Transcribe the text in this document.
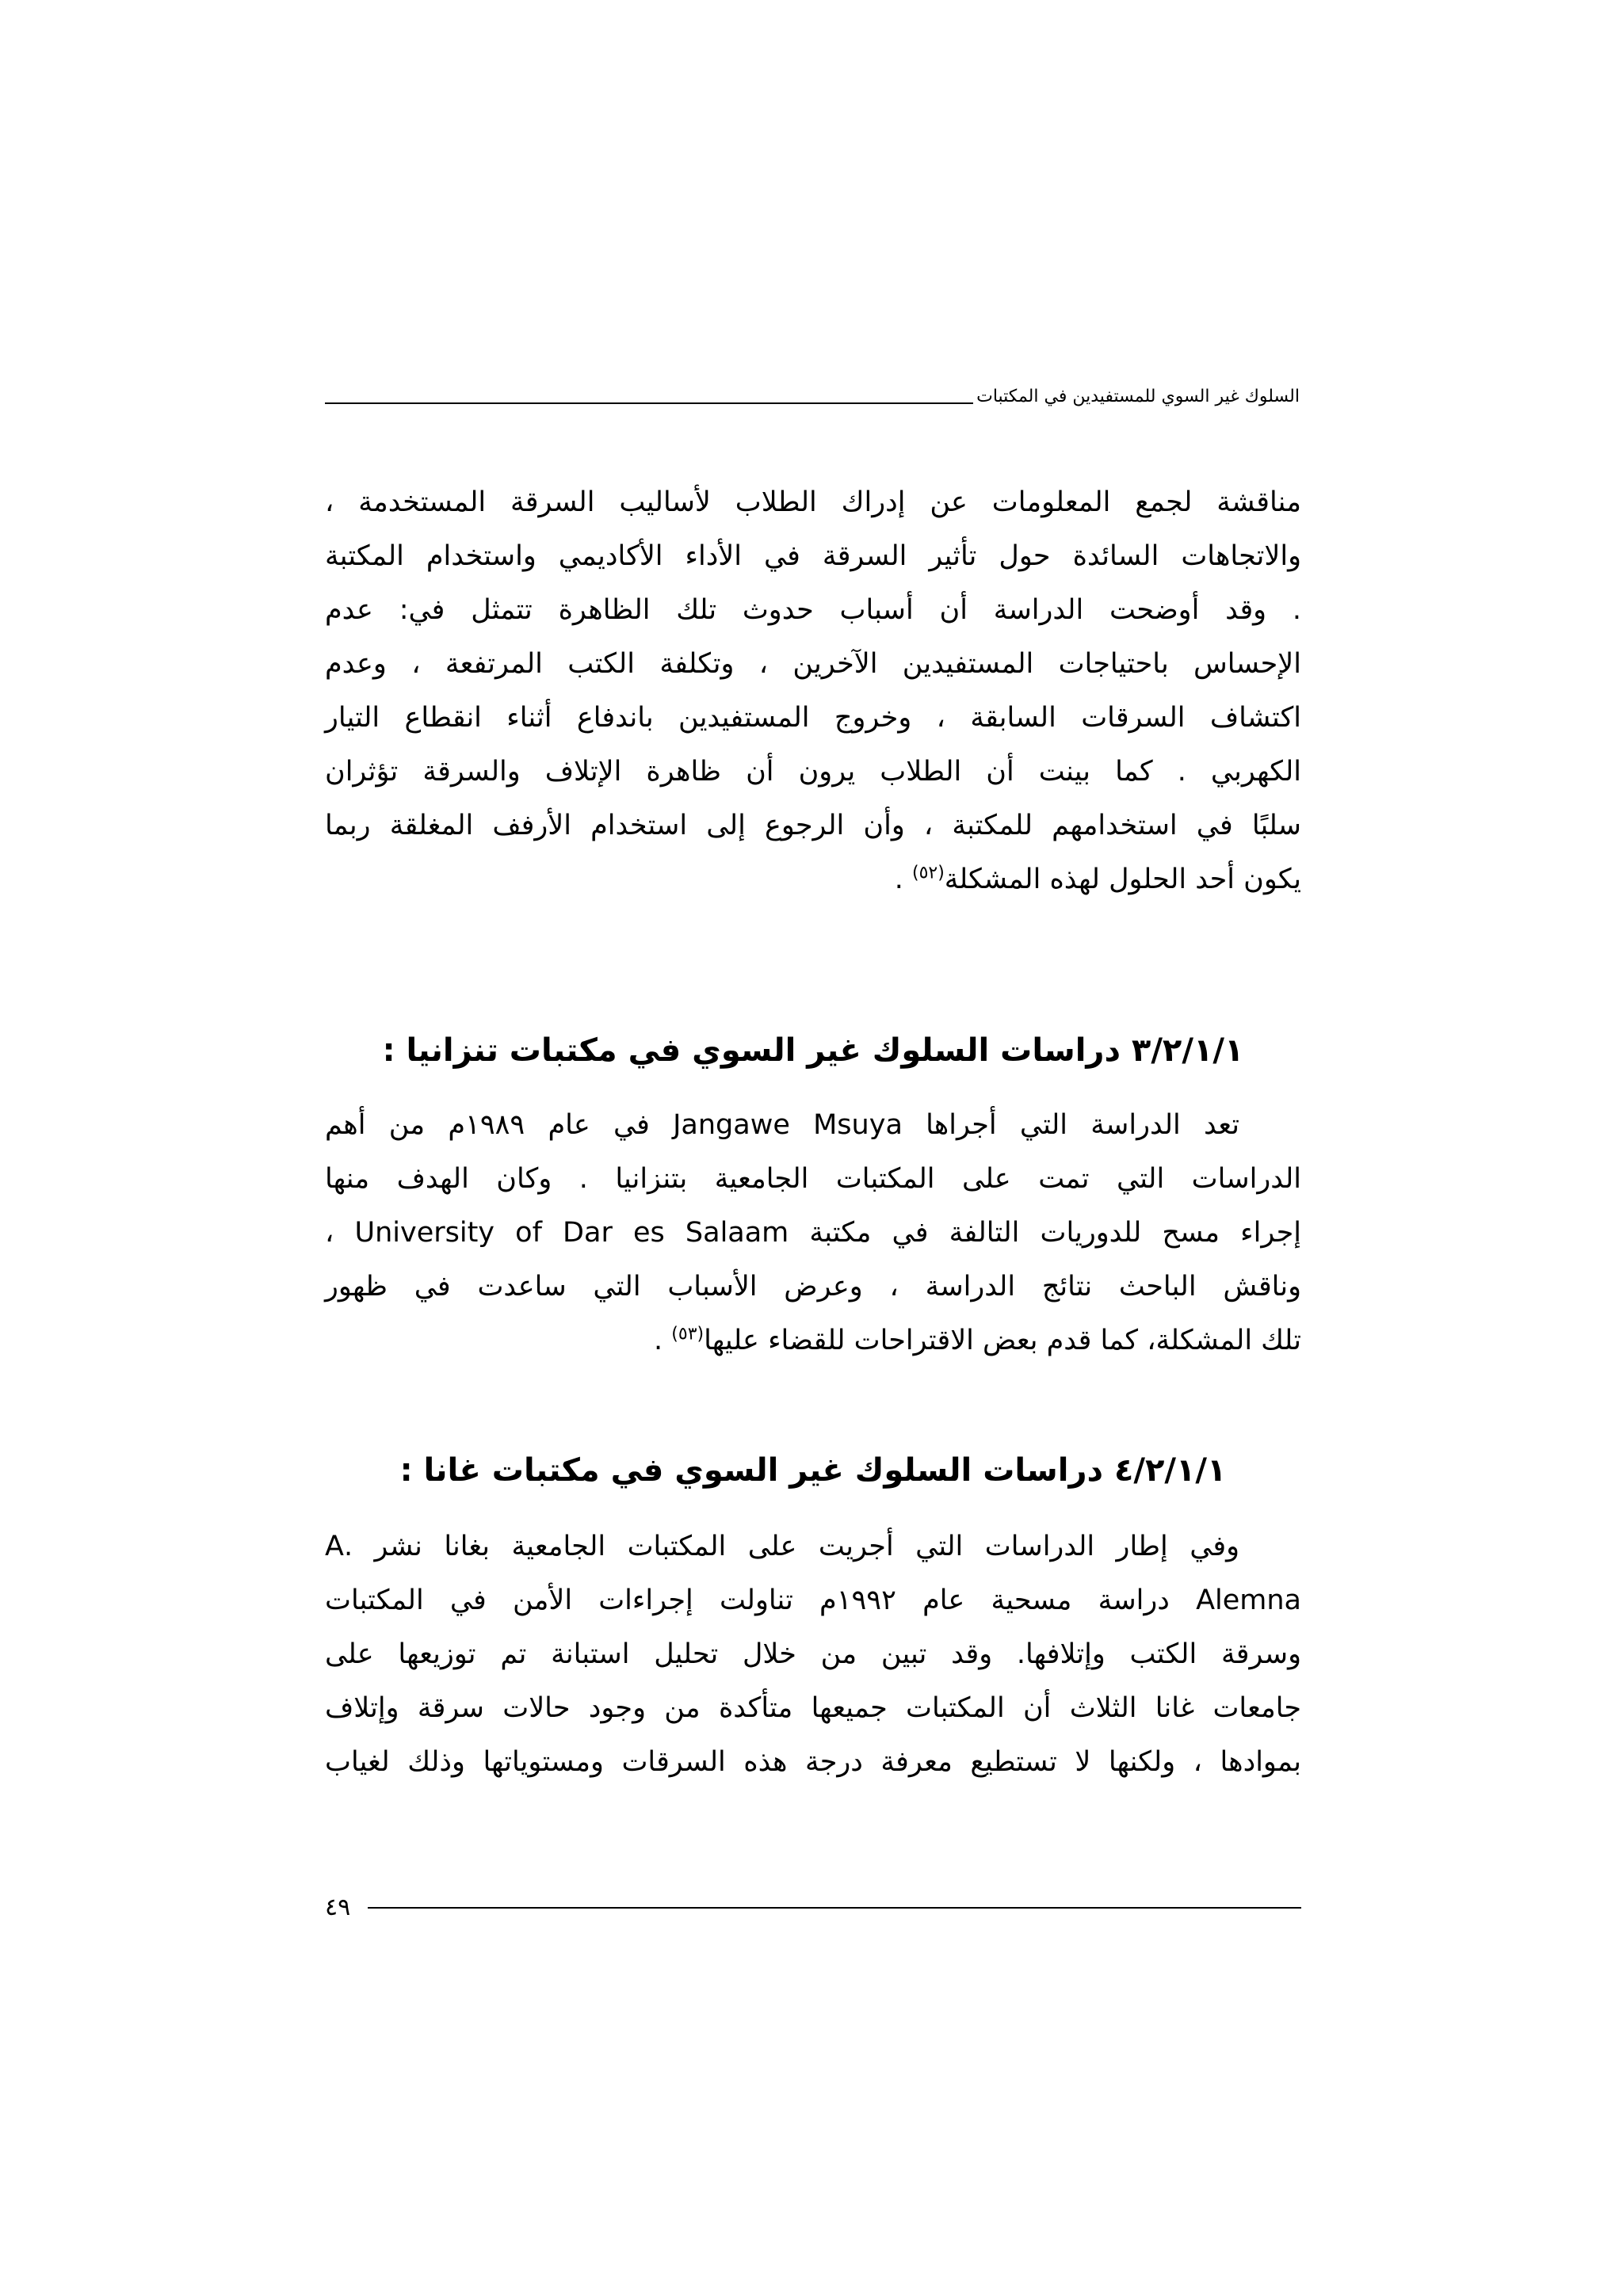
السلوك غير السوي للمستفيدين في المكتبات
مناقشة لجمع المعلومات عن إدراك الطلاب لأساليب السرقة المستخدمة ،
والاتجاهات السائدة حول تأثير السرقة في الأداء الأكاديمي واستخدام المكتبة
. وقد أوضحت الدراسة أن أسباب حدوث تلك الظاهرة تتمثل في: عدم
الإحساس باحتياجات المستفيدين الآخرين ، وتكلفة الكتب المرتفعة ، وعدم
اكتشاف السرقات السابقة ، وخروج المستفيدين باندفاع أثناء انقطاع التيار
الكهربي . كما بينت أن الطلاب يرون أن ظاهرة الإتلاف والسرقة تؤثران
سلبًا في استخدامهم للمكتبة ، وأن الرجوع إلى استخدام الأرفف المغلقة ربما
يكون أحد الحلول لهذه المشكلة$^{(٥٢)}$ .
٣/٢/١/١ دراسات السلوك غير السوي في مكتبات تنزانيا :
تعد الدراسة التي أجراها Jangawe Msuya في عام ١٩٨٩م من أهم
الدراسات التي تمت على المكتبات الجامعية بتنزانيا . وكان الهدف منها
إجراء مسح للدوريات التالفة في مكتبة University of Dar es Salaam ،
وناقش الباحث نتائج الدراسة ، وعرض الأسباب التي ساعدت في ظهور
تلك المشكلة، كما قدم بعض الاقتراحات للقضاء عليها$^{(٥٣)}$ .
٤/٢/١/١ دراسات السلوك غير السوي في مكتبات غانا :
وفي إطار الدراسات التي أجريت على المكتبات الجامعية بغانا نشر .A
Alemna دراسة مسحية عام ١٩٩٢م تناولت إجراءات الأمن في المكتبات
وسرقة الكتب وإتلافها. وقد تبين من خلال تحليل استبانة تم توزيعها على
جامعات غانا الثلاث أن المكتبات جميعها متأكدة من وجود حالات سرقة وإتلاف
بموادها ، ولكنها لا تستطيع معرفة درجة هذه السرقات ومستوياتها وذلك لغياب
٤٩
